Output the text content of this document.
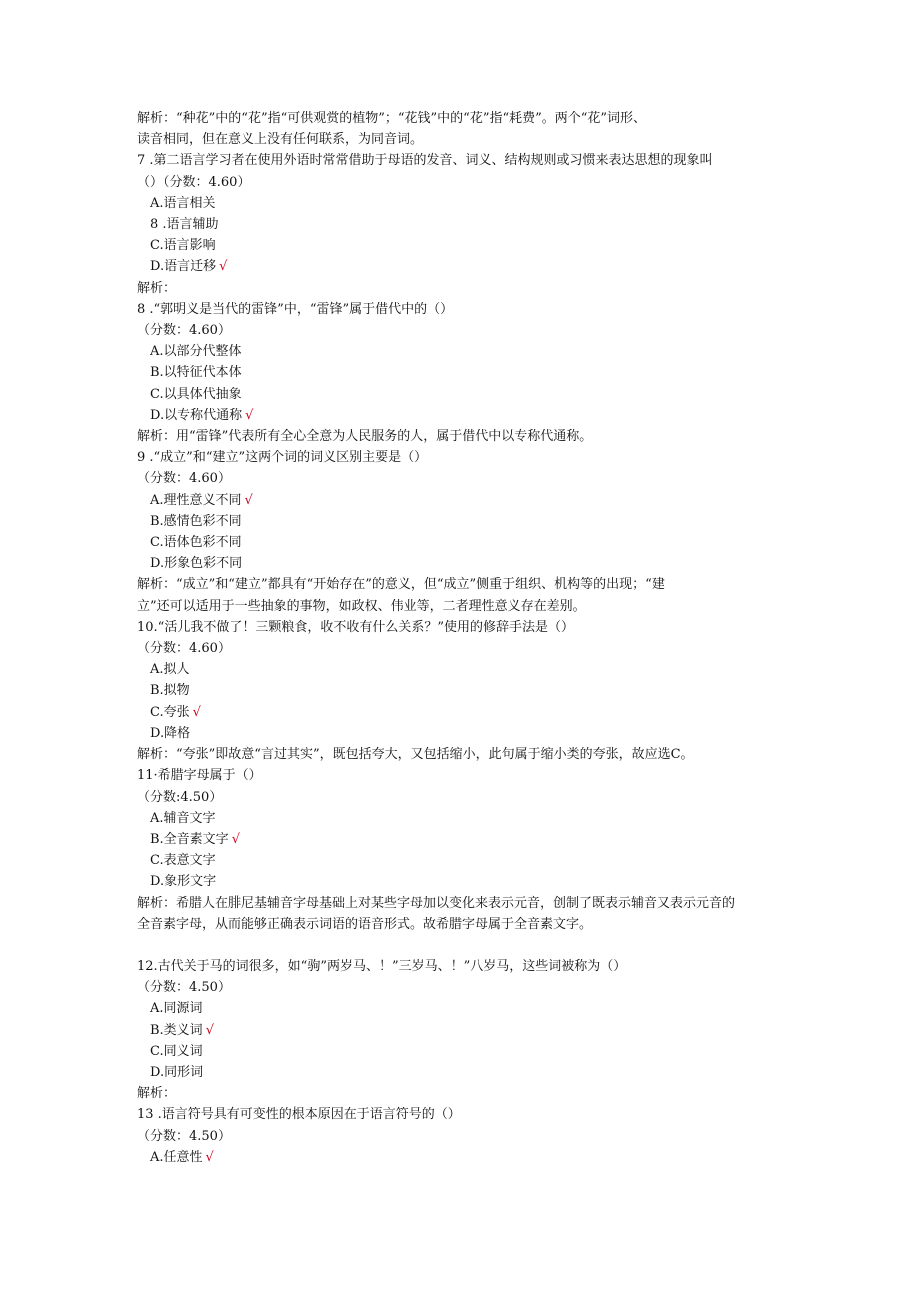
解析：“种花”中的“花”指“可供观赏的植物”；“花钱”中的“花”指“耗费”。两个“花”词形、
读音相同，但在意义上没有任何联系，为同音词。
7 .第二语言学习者在使用外语时常常借助于母语的发音、词义、结构规则或习惯来表达思想的现象叫
（）（分数：4.60）
A.语言相关
8 .语言辅助
C.语言影响
D.语言迁移 √
解析：
8 .“郭明义是当代的雷锋”中，“雷锋”属于借代中的（）
（分数：4.60）
A.以部分代整体
B.以特征代本体
C.以具体代抽象
D.以专称代通称 √
解析：用“雷锋”代表所有全心全意为人民服务的人，属于借代中以专称代通称。
9 .“成立”和“建立”这两个词的词义区别主要是（）
（分数：4.60）
A.理性意义不同 √
B.感情色彩不同
C.语体色彩不同
D.形象色彩不同
解析：“成立”和“建立”都具有“开始存在”的意义，但“成立”侧重于组织、机构等的出现；“建
立”还可以适用于一些抽象的事物，如政权、伟业等，二者理性意义存在差别。
10.“活儿我不做了！三颗粮食，收不收有什么关系？”使用的修辞手法是（）
（分数：4.60）
A.拟人
B.拟物
C.夸张 √
D.降格
解析：“夸张”即故意“言过其实”，既包括夸大，又包括缩小，此句属于缩小类的夸张，故应选C。
11·希腊字母属于（）
（分数:4.50）
A.辅音文字
B.全音素文字 √
C.表意文字
D.象形文字
解析：希腊人在腓尼基辅音字母基础上对某些字母加以变化来表示元音，创制了既表示辅音又表示元音的
全音素字母，从而能够正确表示词语的语音形式。故希腊字母属于全音素文字。
12.古代关于马的词很多，如“驹”两岁马、！”三岁马、！”八岁马，这些词被称为（）
（分数：4.50）
A.同源词
B.类义词 √
C.同义词
D.同形词
解析：
13 .语言符号具有可变性的根本原因在于语言符号的（）
（分数：4.50）
A.任意性 √
